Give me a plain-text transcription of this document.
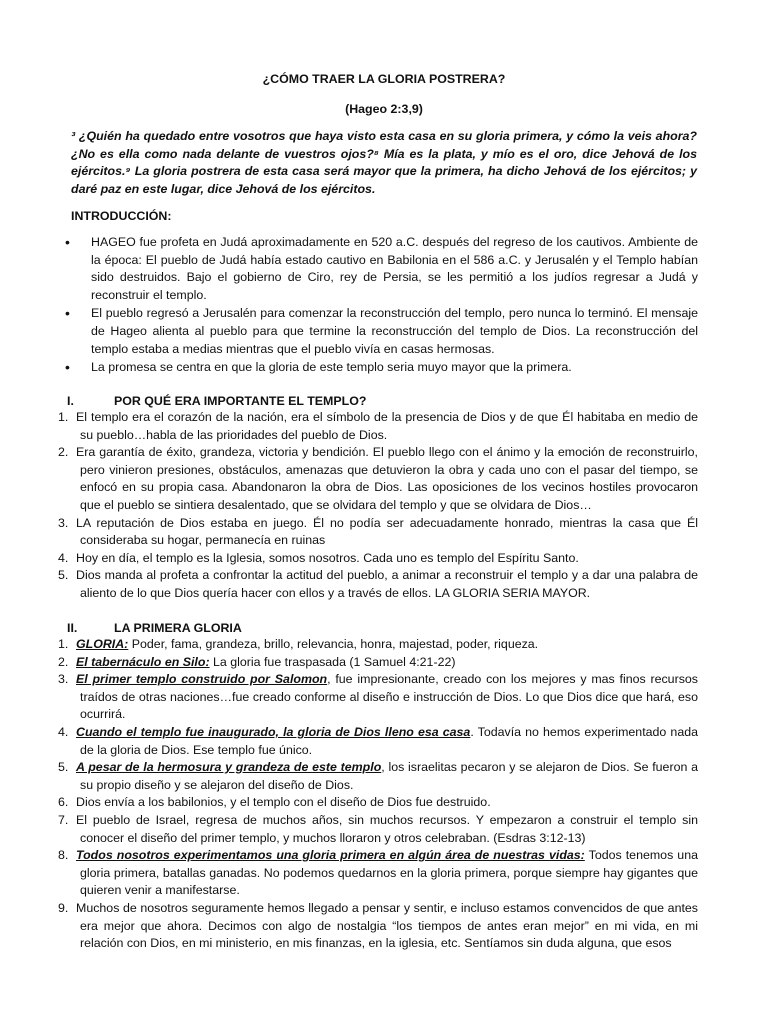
¿CÓMO TRAER LA GLORIA POSTRERA?
(Hageo 2:3,9)
³ ¿Quién ha quedado entre vosotros que haya visto esta casa en su gloria primera, y cómo la veis ahora? ¿No es ella como nada delante de vuestros ojos?⁸ Mía es la plata, y mío es el oro, dice Jehová de los ejércitos.⁹ La gloria postrera de esta casa será mayor que la primera, ha dicho Jehová de los ejércitos; y daré paz en este lugar, dice Jehová de los ejércitos.
INTRODUCCIÓN:
• HAGEO fue profeta en Judá aproximadamente en 520 a.C. después del regreso de los cautivos. Ambiente de la época: El pueblo de Judá había estado cautivo en Babilonia en el 586 a.C. y Jerusalén y el Templo habían sido destruidos. Bajo el gobierno de Ciro, rey de Persia, se les permitió a los judíos regresar a Judá y reconstruir el templo.
• El pueblo regresó a Jerusalén para comenzar la reconstrucción del templo, pero nunca lo terminó. El mensaje de Hageo alienta al pueblo para que termine la reconstrucción del templo de Dios. La reconstrucción del templo estaba a medias mientras que el pueblo vivía en casas hermosas.
• La promesa se centra en que la gloria de este templo seria muyo mayor que la primera.
I.	POR QUÉ ERA IMPORTANTE EL TEMPLO?
1. El templo era el corazón de la nación, era el símbolo de la presencia de Dios y de que Él habitaba en medio de su pueblo…habla de las prioridades del pueblo de Dios.
2. Era garantía de éxito, grandeza, victoria y bendición. El pueblo llego con el ánimo y la emoción de reconstruirlo, pero vinieron presiones, obstáculos, amenazas que detuvieron la obra y cada uno con el pasar del tiempo, se enfocó en su propia casa. Abandonaron la obra de Dios. Las oposiciones de los vecinos hostiles provocaron que el pueblo se sintiera desalentado, que se olvidara del templo y que se olvidara de Dios…
3. LA reputación de Dios estaba en juego. Él no podía ser adecuadamente honrado, mientras la casa que Él consideraba su hogar, permanecía en ruinas
4. Hoy en día, el templo es la Iglesia, somos nosotros. Cada uno es templo del Espíritu Santo.
5. Dios manda al profeta a confrontar la actitud del pueblo, a animar a reconstruir el templo y a dar una palabra de aliento de lo que Dios quería hacer con ellos y a través de ellos. LA GLORIA SERIA MAYOR.
II.	LA PRIMERA GLORIA
1. GLORIA: Poder, fama, grandeza, brillo, relevancia, honra, majestad, poder, riqueza.
2. El tabernáculo en Silo: La gloria fue traspasada (1 Samuel 4:21-22)
3. El primer templo construido por Salomon, fue impresionante, creado con los mejores y mas finos recursos traídos de otras naciones…fue creado conforme al diseño e instrucción de Dios. Lo que Dios dice que hará, eso ocurrirá.
4. Cuando el templo fue inaugurado, la gloria de Dios lleno esa casa. Todavía no hemos experimentado nada de la gloria de Dios. Ese templo fue único.
5. A pesar de la hermosura y grandeza de este templo, los israelitas pecaron y se alejaron de Dios. Se fueron a su propio diseño y se alejaron del diseño de Dios.
6. Dios envía a los babilonios, y el templo con el diseño de Dios fue destruido.
7. El pueblo de Israel, regresa de muchos años, sin muchos recursos. Y empezaron a construir el templo sin conocer el diseño del primer templo, y muchos lloraron y otros celebraban. (Esdras 3:12-13)
8. Todos nosotros experimentamos una gloria primera en algún área de nuestras vidas: Todos tenemos una gloria primera, batallas ganadas. No podemos quedarnos en la gloria primera, porque siempre hay gigantes que quieren venir a manifestarse.
9. Muchos de nosotros seguramente hemos llegado a pensar y sentir, e incluso estamos convencidos de que antes era mejor que ahora. Decimos con algo de nostalgia “los tiempos de antes eran mejor” en mi vida, en mi relación con Dios, en mi ministerio, en mis finanzas, en la iglesia, etc. Sentíamos sin duda alguna, que esos
